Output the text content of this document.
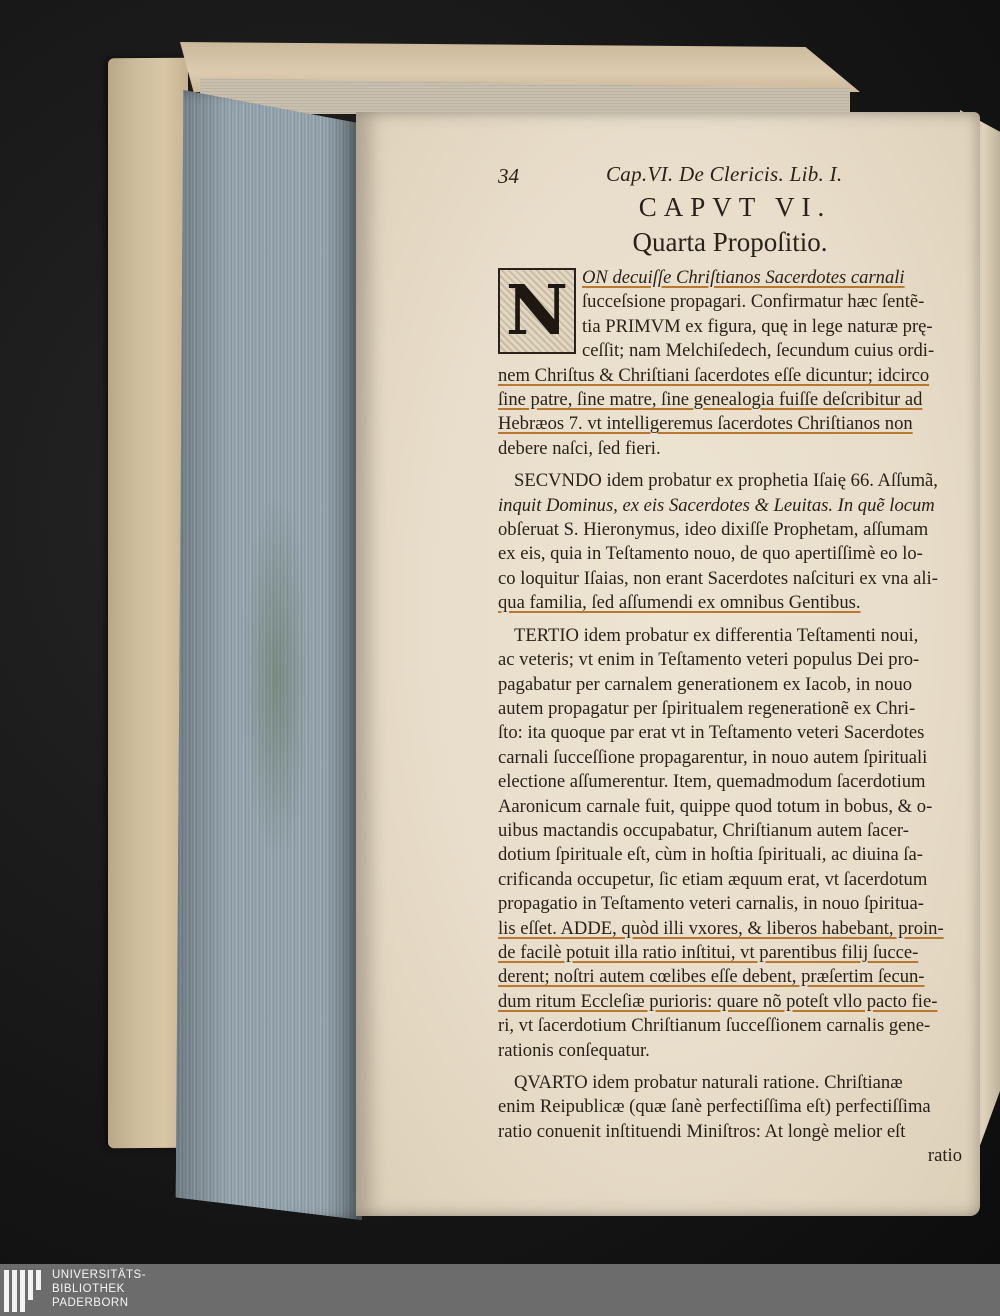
34	Cap.VI. De Clericis. Lib. I.
CAPVT VI.
Quarta Propoſitio.
N ON decuiſſe Chriſtianos Sacerdotes carnali
ſucceſsione propagari. Confirmatur hæc ſentẽ-
tia PRIMVM ex figura, quę in lege naturæ prę-
ceſſit; nam Melchiſedech, ſecundum cuius ordi-
nem Chriſtus & Chriſtiani ſacerdotes eſſe dicuntur; idcirco
ſine patre, ſine matre, ſine genealogia fuiſſe deſcribitur ad
Hebræos 7. vt intelligeremus ſacerdotes Chriſtianos non
debere naſci, ſed fieri.
SECVNDO idem probatur ex prophetia Iſaię 66. Aſſumã,
inquit Dominus, ex eis Sacerdotes & Leuitas. In quẽ locum
obſeruat S. Hieronymus, ideo dixiſſe Prophetam, aſſumam
ex eis, quia in Teſtamento nouo, de quo apertiſſimè eo lo-
co loquitur Iſaias, non erant Sacerdotes naſcituri ex vna ali-
qua familia, ſed aſſumendi ex omnibus Gentibus.
TERTIO idem probatur ex differentia Teſtamenti noui,
ac veteris; vt enim in Teſtamento veteri populus Dei pro-
pagabatur per carnalem generationem ex Iacob, in nouo
autem propagatur per ſpiritualem regenerationẽ ex Chri-
ſto: ita quoque par erat vt in Teſtamento veteri Sacerdotes
carnali ſucceſſione propagarentur, in nouo autem ſpirituali
electione aſſumerentur. Item, quemadmodum ſacerdotium
Aaronicum carnale fuit, quippe quod totum in bobus, & o-
uibus mactandis occupabatur, Chriſtianum autem ſacer-
dotium ſpirituale eſt, cùm in hoſtia ſpirituali, ac diuina ſa-
crificanda occupetur, ſic etiam æquum erat, vt ſacerdotum
propagatio in Teſtamento veteri carnalis, in nouo ſpiritua-
lis eſſet. ADDE, quòd illi vxores, & liberos habebant, proin-
de facilè potuit illa ratio inſtitui, vt parentibus filij ſucce-
derent; noſtri autem cœlibes eſſe debent, præſertim ſecun-
dum ritum Eccleſiæ purioris: quare nõ poteſt vllo pacto fie-
ri, vt ſacerdotium Chriſtianum ſucceſſionem carnalis gene-
rationis conſequatur.
QVARTO idem probatur naturali ratione. Chriſtianæ
enim Reipublicæ (quæ ſanè perfectiſſima eſt) perfectiſſima
ratio conuenit inſtituendi Miniſtros: At longè melior eſt
ratio
UNIVERSITÄTS-
BIBLIOTHEK
PADERBORN
